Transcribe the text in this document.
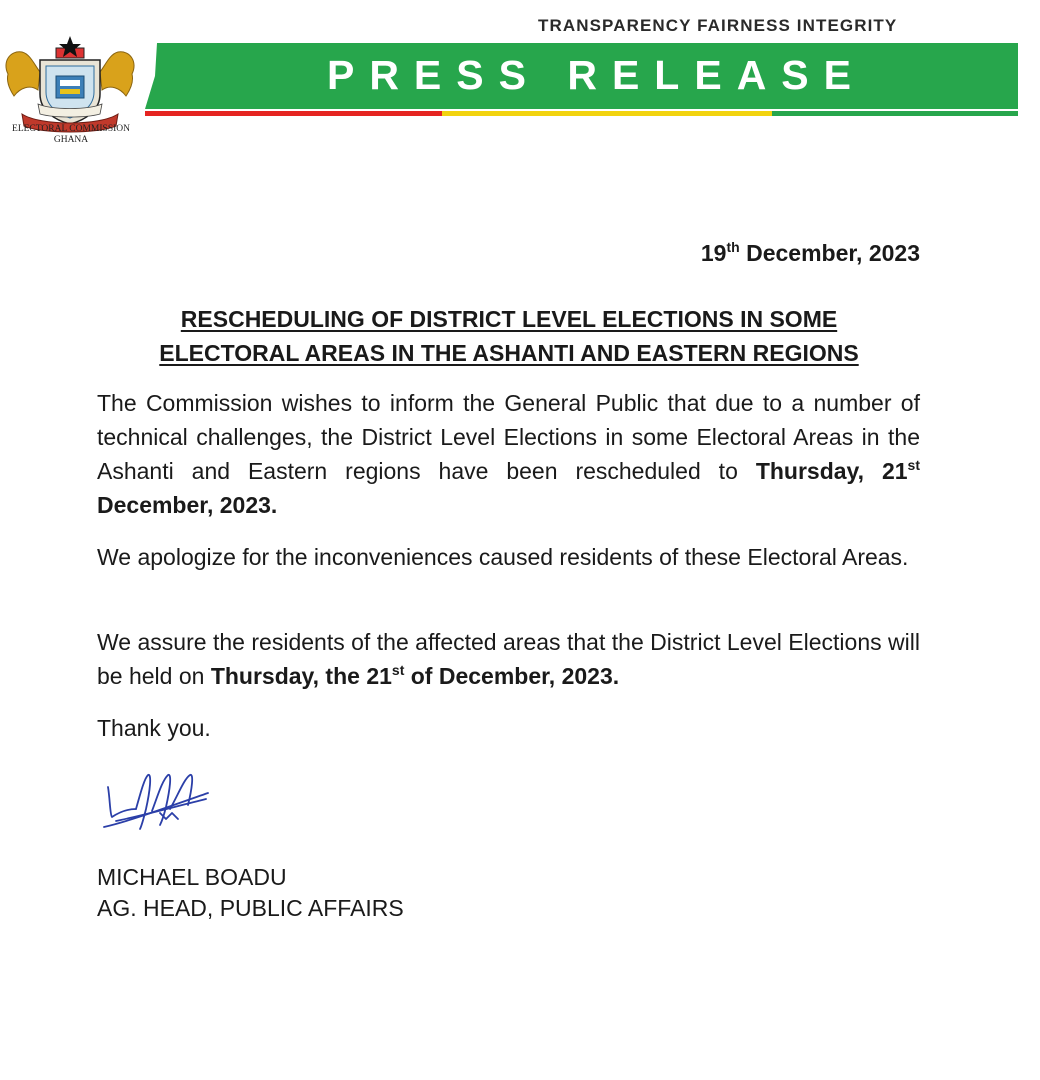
TRANSPARENCY FAIRNESS INTEGRITY
ELECTORAL COMMISSION
GHANA
PRESS RELEASE
19th December, 2023
RESCHEDULING OF DISTRICT LEVEL ELECTIONS IN SOME
ELECTORAL AREAS IN THE ASHANTI AND EASTERN REGIONS
The Commission wishes to inform the General Public that due to a number of technical challenges, the District Level Elections in some Electoral Areas in the Ashanti and Eastern regions have been rescheduled to Thursday, 21st December, 2023.
We apologize for the inconveniences caused residents of these Electoral Areas.
We assure the residents of the affected areas that the District Level Elections will be held on Thursday, the 21st of December, 2023.
Thank you.
MICHAEL BOADU
AG. HEAD, PUBLIC AFFAIRS
